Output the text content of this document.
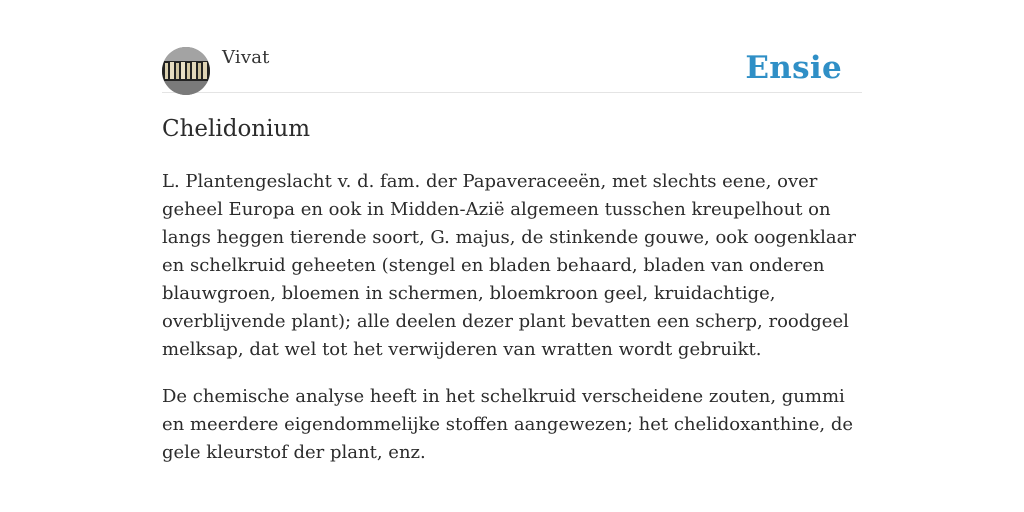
Vivat	Ensie
Chelidonium

L. Plantengeslacht v. d. fam. der Papaveraceeën, met slechts eene, over geheel Europa en ook in Midden-Azië algemeen tusschen kreupelhout on langs heggen tierende soort, G. majus, de stinkende gouwe, ook oogenklaar en schelkruid geheeten (stengel en bladen behaard, bladen van onderen blauwgroen, bloemen in schermen, bloemkroon geel, kruidachtige, overblijvende plant); alle deelen dezer plant bevatten een scherp, roodgeel melksap, dat wel tot het verwijderen van wratten wordt gebruikt.

De chemische analyse heeft in het schelkruid verscheidene zouten, gummi en meerdere eigendommelijke stoffen aangewezen; het chelidoxanthine, de gele kleurstof der plant, enz.
